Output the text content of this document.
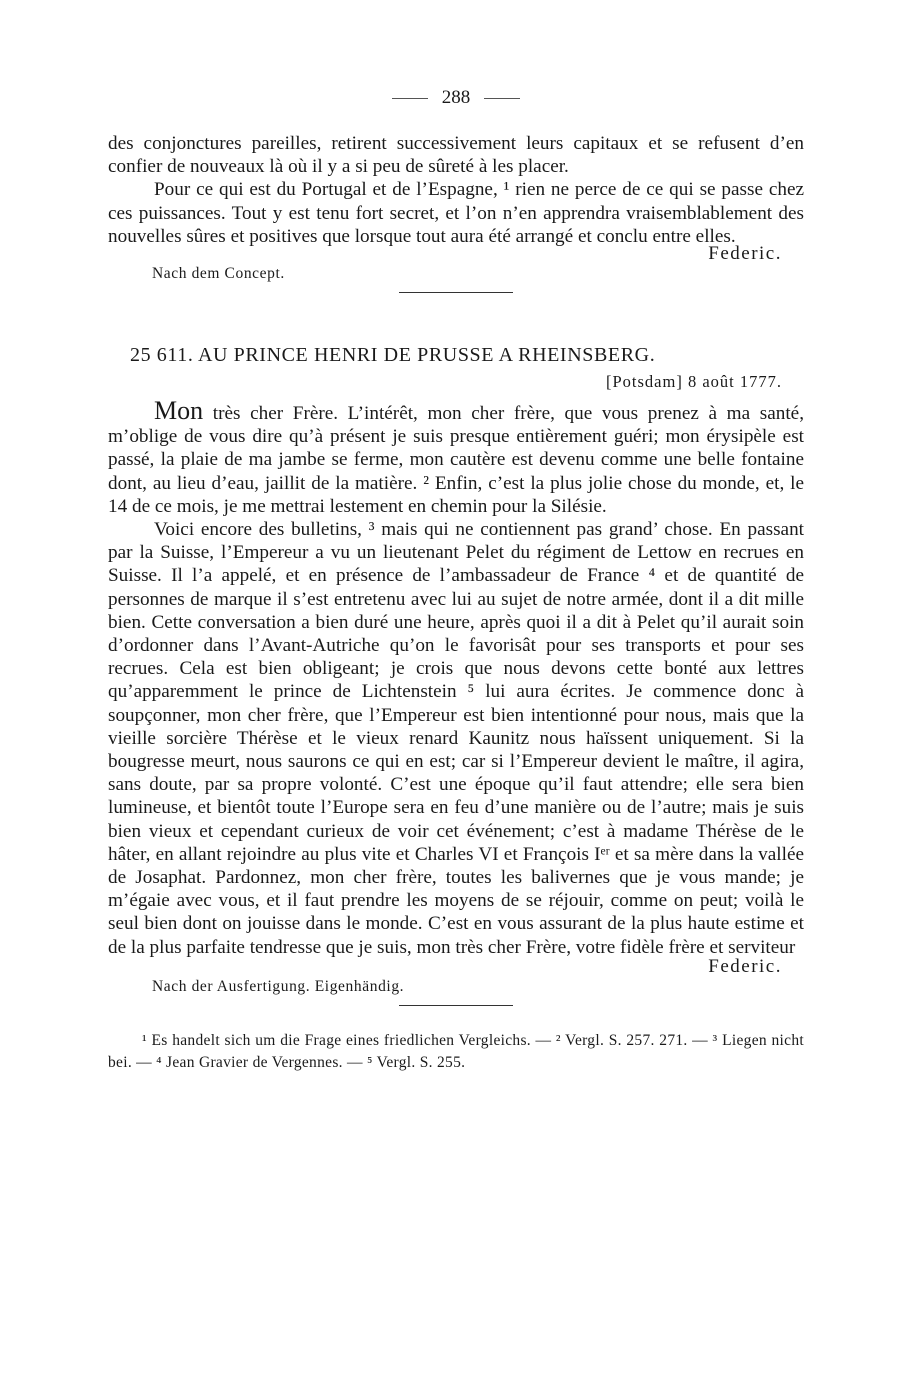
288

des conjonctures pareilles, retirent successivement leurs capitaux et se refusent d’en confier de nouveaux là où il y a si peu de sûreté à les placer.

Pour ce qui est du Portugal et de l’Espagne, ¹ rien ne perce de ce qui se passe chez ces puissances. Tout y est tenu fort secret, et l’on n’en apprendra vraisemblablement des nouvelles sûres et positives que lorsque tout aura été arrangé et conclu entre elles.

Federic.

Nach dem Concept.

25 611. AU PRINCE HENRI DE PRUSSE A RHEINSBERG.

[Potsdam] 8 août 1777.

Mon très cher Frère. L’intérêt, mon cher frère, que vous prenez à ma santé, m’oblige de vous dire qu’à présent je suis presque entièrement guéri; mon érysipèle est passé, la plaie de ma jambe se ferme, mon cautère est devenu comme une belle fontaine dont, au lieu d’eau, jaillit de la matière. ² Enfin, c’est la plus jolie chose du monde, et, le 14 de ce mois, je me mettrai lestement en chemin pour la Silésie.

Voici encore des bulletins, ³ mais qui ne contiennent pas grand’ chose. En passant par la Suisse, l’Empereur a vu un lieutenant Pelet du régiment de Lettow en recrues en Suisse. Il l’a appelé, et en présence de l’ambassadeur de France ⁴ et de quantité de personnes de marque il s’est entretenu avec lui au sujet de notre armée, dont il a dit mille bien. Cette conversation a bien duré une heure, après quoi il a dit à Pelet qu’il aurait soin d’ordonner dans l’Avant-Autriche qu’on le favorisât pour ses transports et pour ses recrues. Cela est bien obligeant; je crois que nous devons cette bonté aux lettres qu’apparemment le prince de Lichtenstein ⁵ lui aura écrites. Je commence donc à soupçonner, mon cher frère, que l’Empereur est bien intentionné pour nous, mais que la vieille sorcière Thérèse et le vieux renard Kaunitz nous haïssent uniquement. Si la bougresse meurt, nous saurons ce qui en est; car si l’Empereur devient le maître, il agira, sans doute, par sa propre volonté. C’est une époque qu’il faut attendre; elle sera bien lumineuse, et bientôt toute l’Europe sera en feu d’une manière ou de l’autre; mais je suis bien vieux et cependant curieux de voir cet événement; c’est à madame Thérèse de le hâter, en allant rejoindre au plus vite et Charles VI et François Iᵉʳ et sa mère dans la vallée de Josaphat. Pardonnez, mon cher frère, toutes les balivernes que je vous mande; je m’égaie avec vous, et il faut prendre les moyens de se réjouir, comme on peut; voilà le seul bien dont on jouisse dans le monde. C’est en vous assurant de la plus haute estime et de la plus parfaite tendresse que je suis, mon très cher Frère, votre fidèle frère et serviteur

Federic.

Nach der Ausfertigung. Eigenhändig.

¹ Es handelt sich um die Frage eines friedlichen Vergleichs. — ² Vergl. S. 257. 271. — ³ Liegen nicht bei. — ⁴ Jean Gravier de Vergennes. — ⁵ Vergl. S. 255.
